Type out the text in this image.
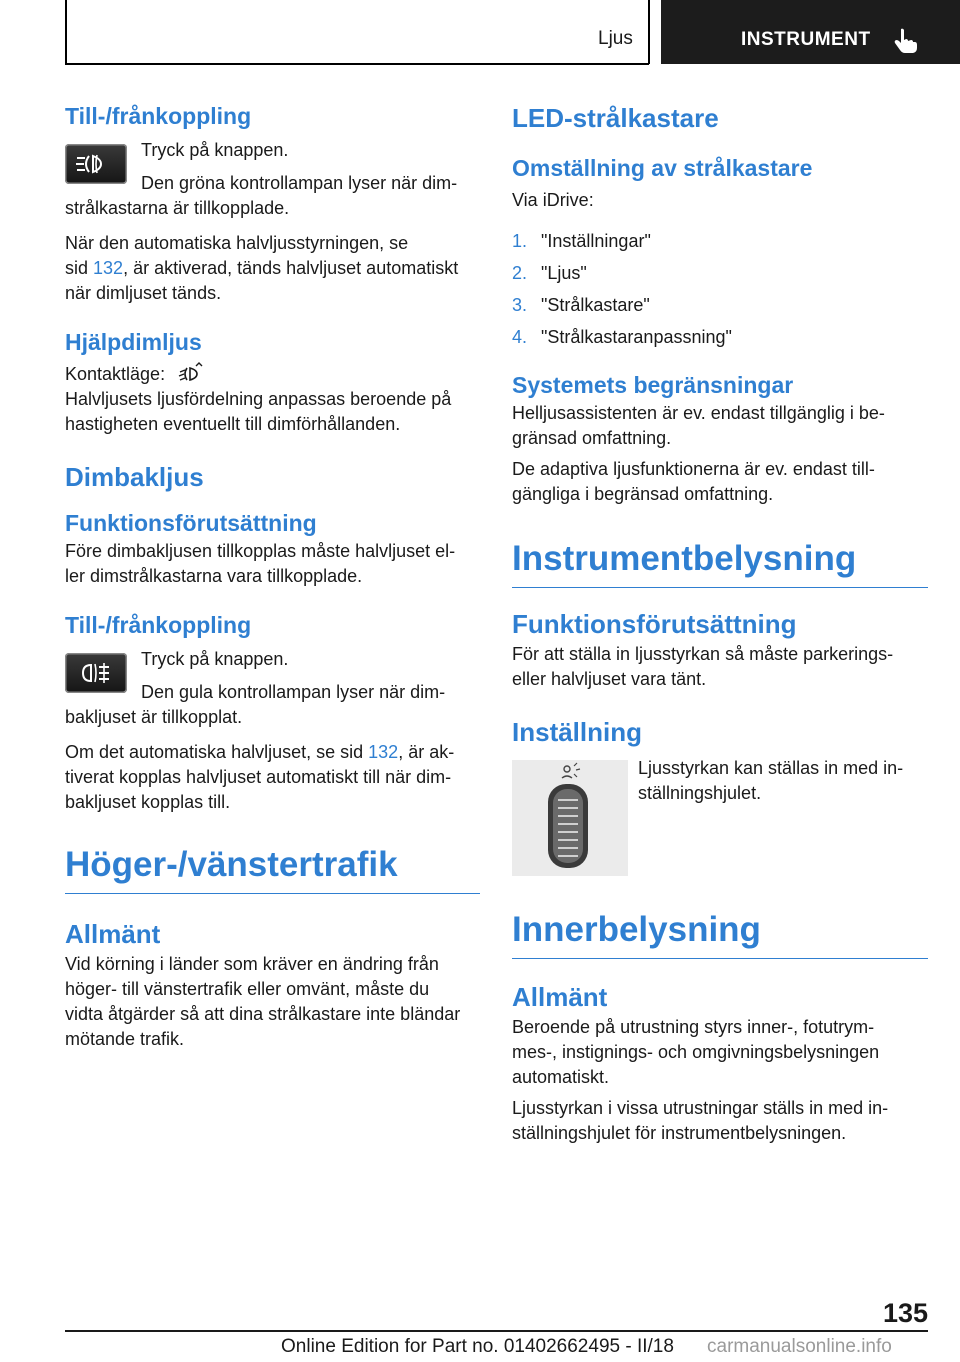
Ljus	INSTRUMENT
Till-/frånkoppling

Tryck på knappen.

Den gröna kontrollampan lyser när dim-

strålkastarna är tillkopplade.

När den automatiska halvljusstyrningen, se

sid 132, är aktiverad, tänds halvljuset automatiskt

när dimljuset tänds.

Hjälpdimljus

Kontaktläge:

Halvljusets ljusfördelning anpassas beroende på

hastigheten eventuellt till dimförhållanden.

Dimbakljus
Funktionsförutsättning

Före dimbakljusen tillkopplas måste halvljuset el-

ler dimstrålkastarna vara tillkopplade.

Till-/frånkoppling

Tryck på knappen.

Den gula kontrollampan lyser när dim-

bakljuset är tillkopplat.

Om det automatiska halvljuset, se sid 132, är ak-

tiverat kopplas halvljuset automatiskt till när dim-

bakljuset kopplas till.

Höger-/vänstertrafik
Allmänt

Vid körning i länder som kräver en ändring från

höger- till vänstertrafik eller omvänt, måste du

vidta åtgärder så att dina strålkastare inte bländar

mötande trafik.

LED-strålkastare
Omställning av strålkastare

Via iDrive:

1. "Inställningar"
2. "Ljus"
3. "Strålkastare"
4. "Strålkastaranpassning"
Systemets begränsningar

Helljusassistenten är ev. endast tillgänglig i be-

gränsad omfattning.

De adaptiva ljusfunktionerna är ev. endast till-

gängliga i begränsad omfattning.

Instrumentbelysning
Funktionsförutsättning

För att ställa in ljusstyrkan så måste parkerings-

eller halvljuset vara tänt.

Inställning

Ljusstyrkan kan ställas in med in-

ställningshjulet.

Innerbelysning
Allmänt

Beroende på utrustning styrs inner-, fotutrym-

mes-, instignings- och omgivningsbelysningen

automatiskt.

Ljusstyrkan i vissa utrustningar ställs in med in-

ställningshjulet för instrumentbelysningen.

135
Online Edition for Part no. 01402662495 - II/18 carmanualsonline.info
